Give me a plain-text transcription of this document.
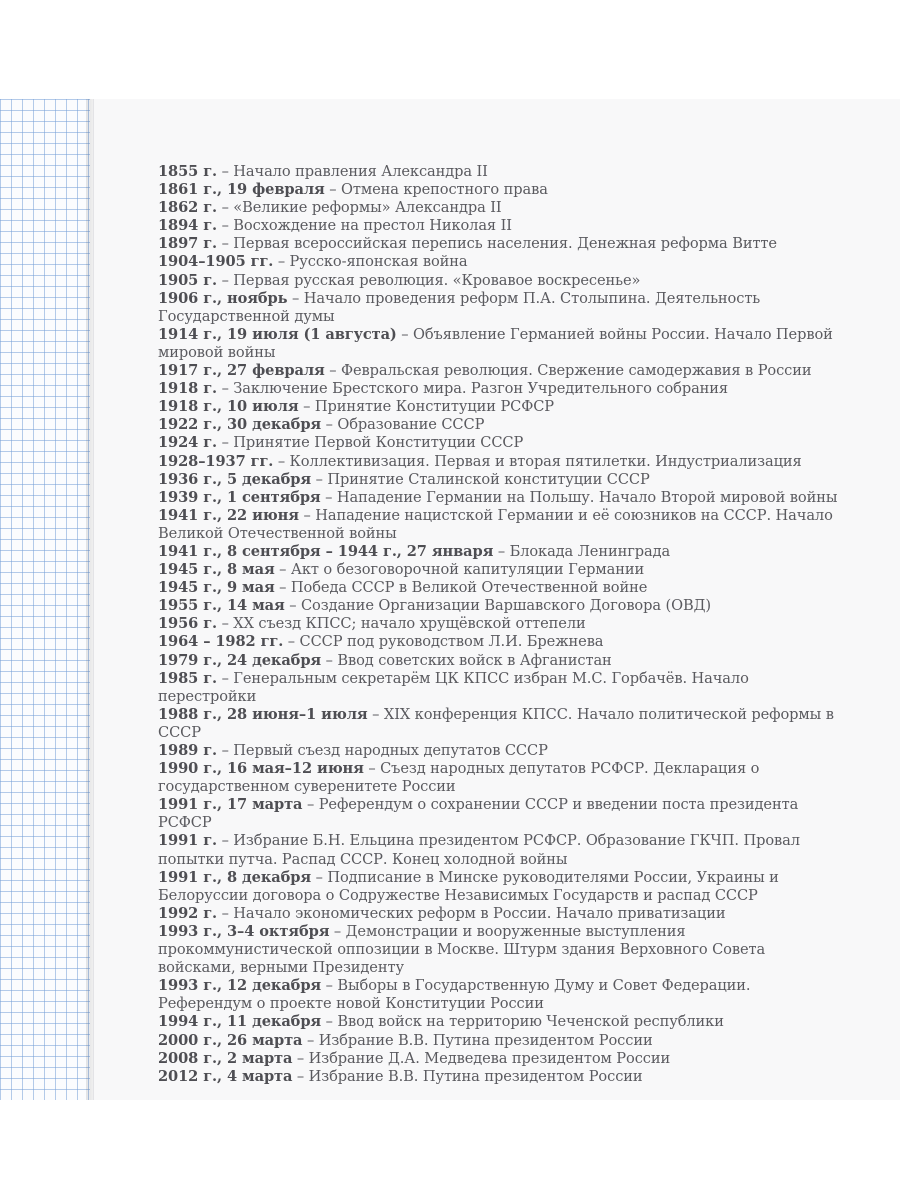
1855 г. – Начало правления Александра II

1861 г., 19 февраля – Отмена крепостного права

1862 г. – «Великие реформы» Александра II

1894 г. – Восхождение на престол Николая II

1897 г. – Первая всероссийская перепись населения. Денежная реформа Витте

1904–1905 гг. – Русско-японская война

1905 г. – Первая русская революция. «Кровавое воскресенье»

1906 г., ноябрь – Начало проведения реформ П.А. Столыпина. Деятельность Государственной думы

1914 г., 19 июля (1 августа) – Объявление Германией войны России. Начало Первой мировой войны

1917 г., 27 февраля – Февральская революция. Свержение самодержавия в России

1918 г. – Заключение Брестского мира. Разгон Учредительного собрания

1918 г., 10 июля – Принятие Конституции РСФСР

1922 г., 30 декабря – Образование СССР

1924 г. – Принятие Первой Конституции СССР

1928–1937 гг. – Коллективизация. Первая и вторая пятилетки. Индустриализация

1936 г., 5 декабря – Принятие Сталинской конституции СССР

1939 г., 1 сентября – Нападение Германии на Польшу. Начало Второй мировой войны

1941 г., 22 июня – Нападение нацистской Германии и её союзников на СССР. Начало Великой Отечественной войны

1941 г., 8 сентября – 1944 г., 27 января – Блокада Ленинграда

1945 г., 8 мая – Акт о безоговорочной капитуляции Германии

1945 г., 9 мая – Победа СССР в Великой Отечественной войне

1955 г., 14 мая – Создание Организации Варшавского Договора (ОВД)

1956 г. – XX съезд КПСС; начало хрущёвской оттепели

1964 – 1982 гг. – СССР под руководством Л.И. Брежнева

1979 г., 24 декабря – Ввод советских войск в Афганистан

1985 г. – Генеральным секретарём ЦК КПСС избран М.С. Горбачёв. Начало перестройки

1988 г., 28 июня–1 июля – XIX конференция КПСС. Начало политической реформы в СССР

1989 г. – Первый съезд народных депутатов СССР

1990 г., 16 мая–12 июня – Съезд народных депутатов РСФСР. Декларация о государственном суверенитете России

1991 г., 17 марта – Референдум о сохранении СССР и введении поста президента РСФСР

1991 г. – Избрание Б.Н. Ельцина президентом РСФСР. Образование ГКЧП. Провал попытки путча. Распад СССР. Конец холодной войны

1991 г., 8 декабря – Подписание в Минске руководителями России, Украины и Белоруссии договора о Содружестве Независимых Государств и распад СССР

1992 г. – Начало экономических реформ в России. Начало приватизации

1993 г., 3–4 октября – Демонстрации и вооруженные выступления прокоммунистической оппозиции в Москве. Штурм здания Верховного Совета войсками, верными Президенту

1993 г., 12 декабря – Выборы в Государственную Думу и Совет Федерации. Референдум о проекте новой Конституции России

1994 г., 11 декабря – Ввод войск на территорию Чеченской республики

2000 г., 26 марта – Избрание В.В. Путина президентом России

2008 г., 2 марта – Избрание Д.А. Медведева президентом России

2012 г., 4 марта – Избрание В.В. Путина президентом России
